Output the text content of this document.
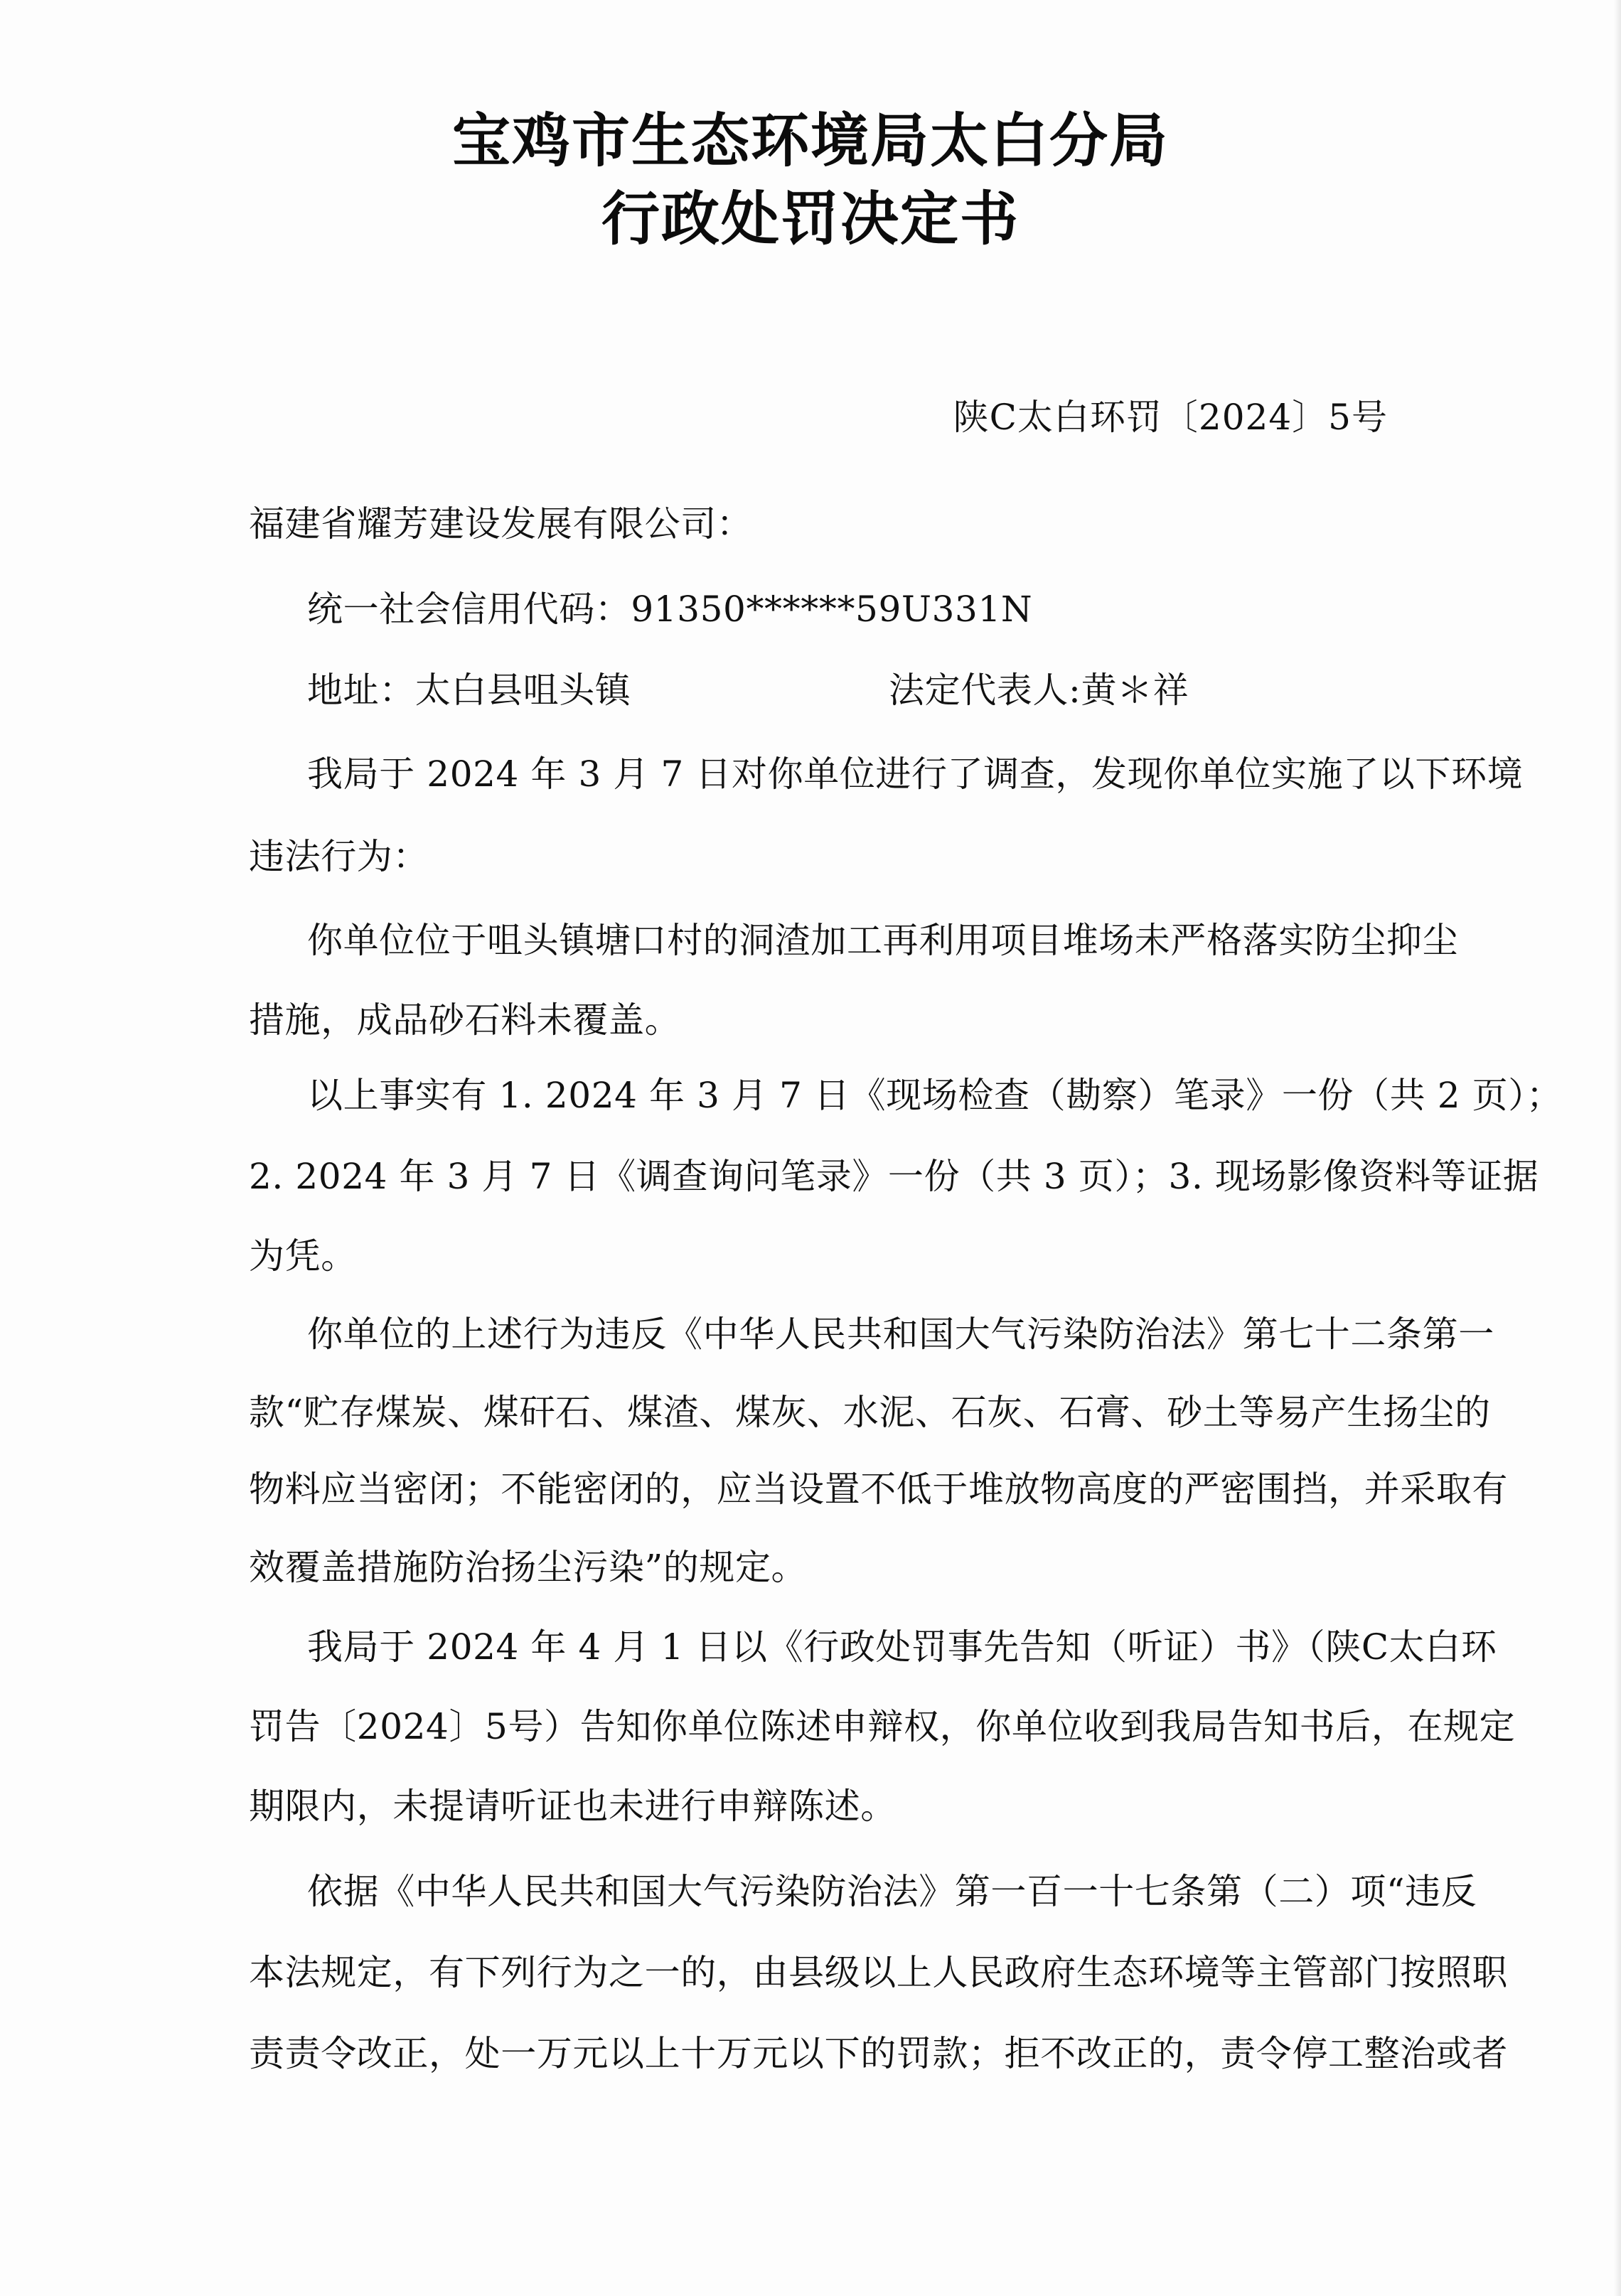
宝鸡市生态环境局太白分局
行政处罚决定书
陕C太白环罚〔2024〕5号
福建省耀芳建设发展有限公司：
统一社会信用代码：91350******59U331N
地址：太白县咀头镇	法定代表人:黄＊祥
我局于 2024 年 3 月 7 日对你单位进行了调查，发现你单位实施了以下环境
违法行为：
你单位位于咀头镇塘口村的洞渣加工再利用项目堆场未严格落实防尘抑尘
措施，成品砂石料未覆盖。
以上事实有 1. 2024 年 3 月 7 日《现场检查（勘察）笔录》一份（共 2 页）；
2. 2024 年 3 月 7 日《调查询问笔录》一份（共 3 页）；3. 现场影像资料等证据
为凭。
你单位的上述行为违反《中华人民共和国大气污染防治法》第七十二条第一
款“贮存煤炭、煤矸石、煤渣、煤灰、水泥、石灰、石膏、砂土等易产生扬尘的
物料应当密闭；不能密闭的，应当设置不低于堆放物高度的严密围挡，并采取有
效覆盖措施防治扬尘污染”的规定。
我局于 2024 年 4 月 1 日以《行政处罚事先告知（听证）书》（陕C太白环
罚告〔2024〕5号）告知你单位陈述申辩权，你单位收到我局告知书后，在规定
期限内，未提请听证也未进行申辩陈述。
依据《中华人民共和国大气污染防治法》第一百一十七条第（二）项“违反
本法规定，有下列行为之一的，由县级以上人民政府生态环境等主管部门按照职
责责令改正，处一万元以上十万元以下的罚款；拒不改正的，责令停工整治或者
